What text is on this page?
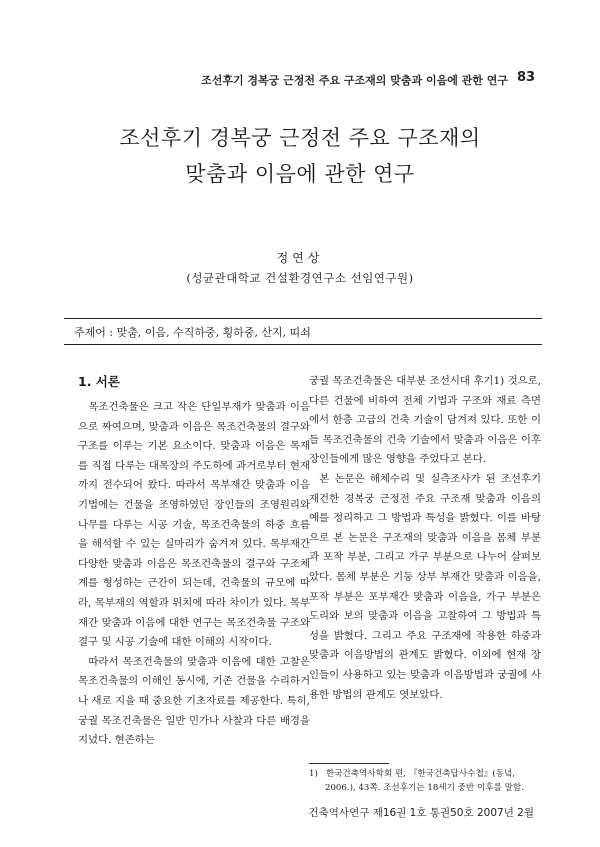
조선후기 경복궁 근정전 주요 구조재의 맞춤과 이음에 관한 연구 83
조선후기 경복궁 근정전 주요 구조재의
맞춤과 이음에 관한 연구
정연상
(성균관대학교 건설환경연구소 선임연구원)
주제어 : 맞춤, 이음, 수직하중, 횡하중, 산지, 띠쇠
1. 서론

목조건축물은 크고 작은 단일부재가 맞춤과 이음으로 짜여으며, 맞춤과 이음은 목조건축물의 결구와 구조를 이루는 기본 요소이다. 맞춤과 이음은 목재를 직접 다루는 대목장의 주도하에 과거로부터 현재까지 전수되어 왔다. 따라서 목부재간 맞춤과 이음 기법에는 건물을 조영하였던 장인들의 조영원리와 나무를 다루는 시공 기술, 목조건축물의 하중 흐름을 해석할 수 있는 실마리가 숨겨져 있다. 목부재간 다양한 맞춤과 이음은 목조건축물의 결구와 구조체계를 형성하는 근간이 되는데, 건축물의 규모에 따라, 목부재의 역할과 위치에 따라 차이가 있다. 목부재간 맞춤과 이음에 대한 연구는 목조건축물 구조와 결구 및 시공 기술에 대한 이해의 시작이다.

따라서 목조건축물의 맞춤과 이음에 대한 고찰은 목조건축물의 이해인 동시에, 기존 건물을 수리하거나 새로 지을 때 중요한 기초자료를 제공한다. 특히, 궁궐 목조건축물은 일반 민가나 사찰과 다른 배경을 지녔다. 현존하는

궁궐 목조건축물은 대부분 조선시대 후기1) 것으로, 다른 건물에 비하여 전체 기법과 구조와 재료 측면에서 한층 고급의 건축 기술이 담겨져 있다. 또한 이들 목조건축물의 건축 기술에서 맞춤과 이음은 이후 장인들에게 많은 영향을 주었다고 본다.

본 논문은 해체수리 및 실측조사가 된 조선후기 재건한 경복궁 근정전 주요 구조재 맞춤과 이음의 예를 정리하고 그 방법과 특성을 밝혔다. 이를 바탕으로 본 논문은 구조재의 맞춤과 이음을 몸체 부분과 포작 부분, 그리고 가구 부분으로 나누어 살펴보았다. 몸체 부분은 기둥 상부 부재간 맞춤과 이음을, 포작 부분은 포부재간 맞춤과 이음을, 가구 부분은 도리와 보의 맞춤과 이음을 고찰하여 그 방법과 특성을 밝혔다. 그리고 주요 구조재에 작용한 하중과 맞춤과 이음방법의 관계도 밝혔다. 이외에 현재 장인들이 사용하고 있는 맞춤과 이음방법과 궁궐에 사용한 방법의 관계도 엿보았다.

1) 한국건축역사학회 편, 『한국건축답사수첩』(동녘,
2006.), 43쪽. 조선후기는 18세기 중반 이후를 말함.
건축역사연구 제16권 1호 통권50호 2007년 2월
